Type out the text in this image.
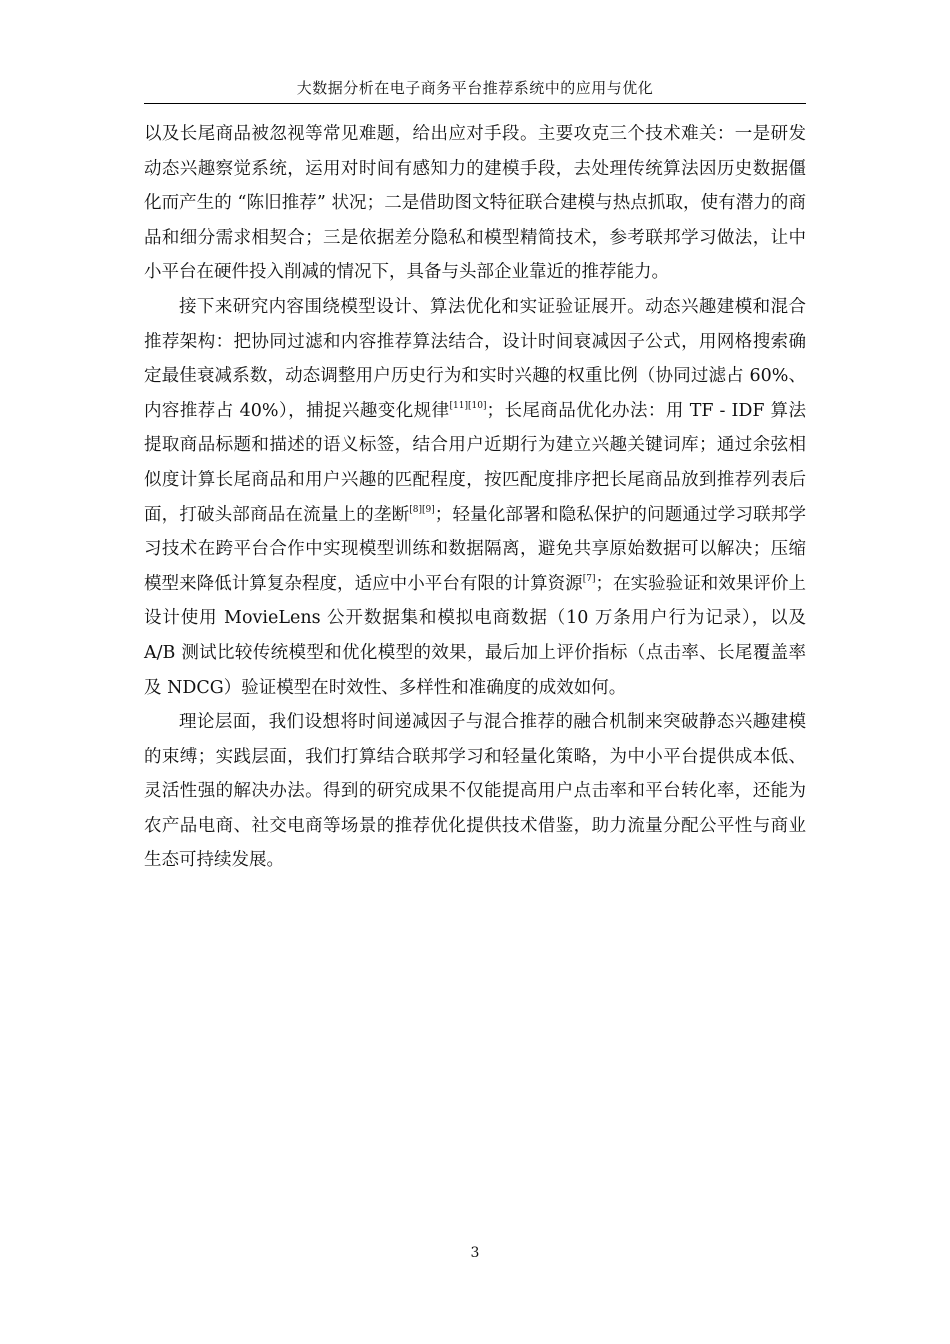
大数据分析在电子商务平台推荐系统中的应用与优化

以及长尾商品被忽视等常见难题，给出应对手段。主要攻克三个技术难关：一是研发动态兴趣察觉系统，运用对时间有感知力的建模手段，去处理传统算法因历史数据僵化而产生的 “陈旧推荐” 状况；二是借助图文特征联合建模与热点抓取，使有潜力的商品和细分需求相契合；三是依据差分隐私和模型精简技术，参考联邦学习做法，让中小平台在硬件投入削减的情况下，具备与头部企业靠近的推荐能力。

接下来研究内容围绕模型设计、算法优化和实证验证展开。动态兴趣建模和混合推荐架构：把协同过滤和内容推荐算法结合，设计时间衰减因子公式，用网格搜索确定最佳衰减系数，动态调整用户历史行为和实时兴趣的权重比例（协同过滤占 60%、内容推荐占 40%），捕捉兴趣变化规律[11][10]；长尾商品优化办法：用 TF - IDF 算法提取商品标题和描述的语义标签，结合用户近期行为建立兴趣关键词库；通过余弦相似度计算长尾商品和用户兴趣的匹配程度，按匹配度排序把长尾商品放到推荐列表后面，打破头部商品在流量上的垄断[8][9]；轻量化部署和隐私保护的问题通过学习联邦学习技术在跨平台合作中实现模型训练和数据隔离，避免共享原始数据可以解决；压缩模型来降低计算复杂程度，适应中小平台有限的计算资源[7]；在实验验证和效果评价上设计使用 MovieLens 公开数据集和模拟电商数据（10 万条用户行为记录），以及 A/B 测试比较传统模型和优化模型的效果，最后加上评价指标（点击率、长尾覆盖率及 NDCG）验证模型在时效性、多样性和准确度的成效如何。

理论层面，我们设想将时间递减因子与混合推荐的融合机制来突破静态兴趣建模的束缚；实践层面，我们打算结合联邦学习和轻量化策略，为中小平台提供成本低、灵活性强的解决办法。得到的研究成果不仅能提高用户点击率和平台转化率，还能为农产品电商、社交电商等场景的推荐优化提供技术借鉴，助力流量分配公平性与商业生态可持续发展。

3
